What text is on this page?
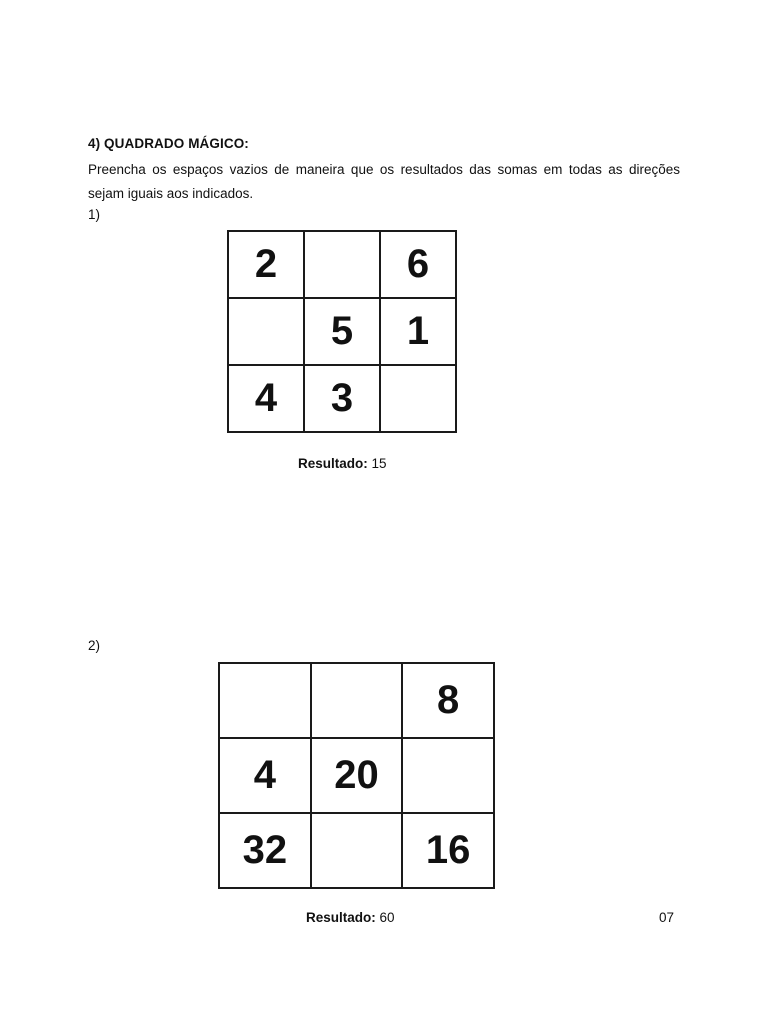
4) QUADRADO MÁGICO:
Preencha os espaços vazios de maneira que os resultados das somas em todas as direções sejam iguais aos indicados.
1)
2		6
	5	1
4	3	
Resultado: 15
2)
		8
4	20	
32		16
Resultado: 60	07
